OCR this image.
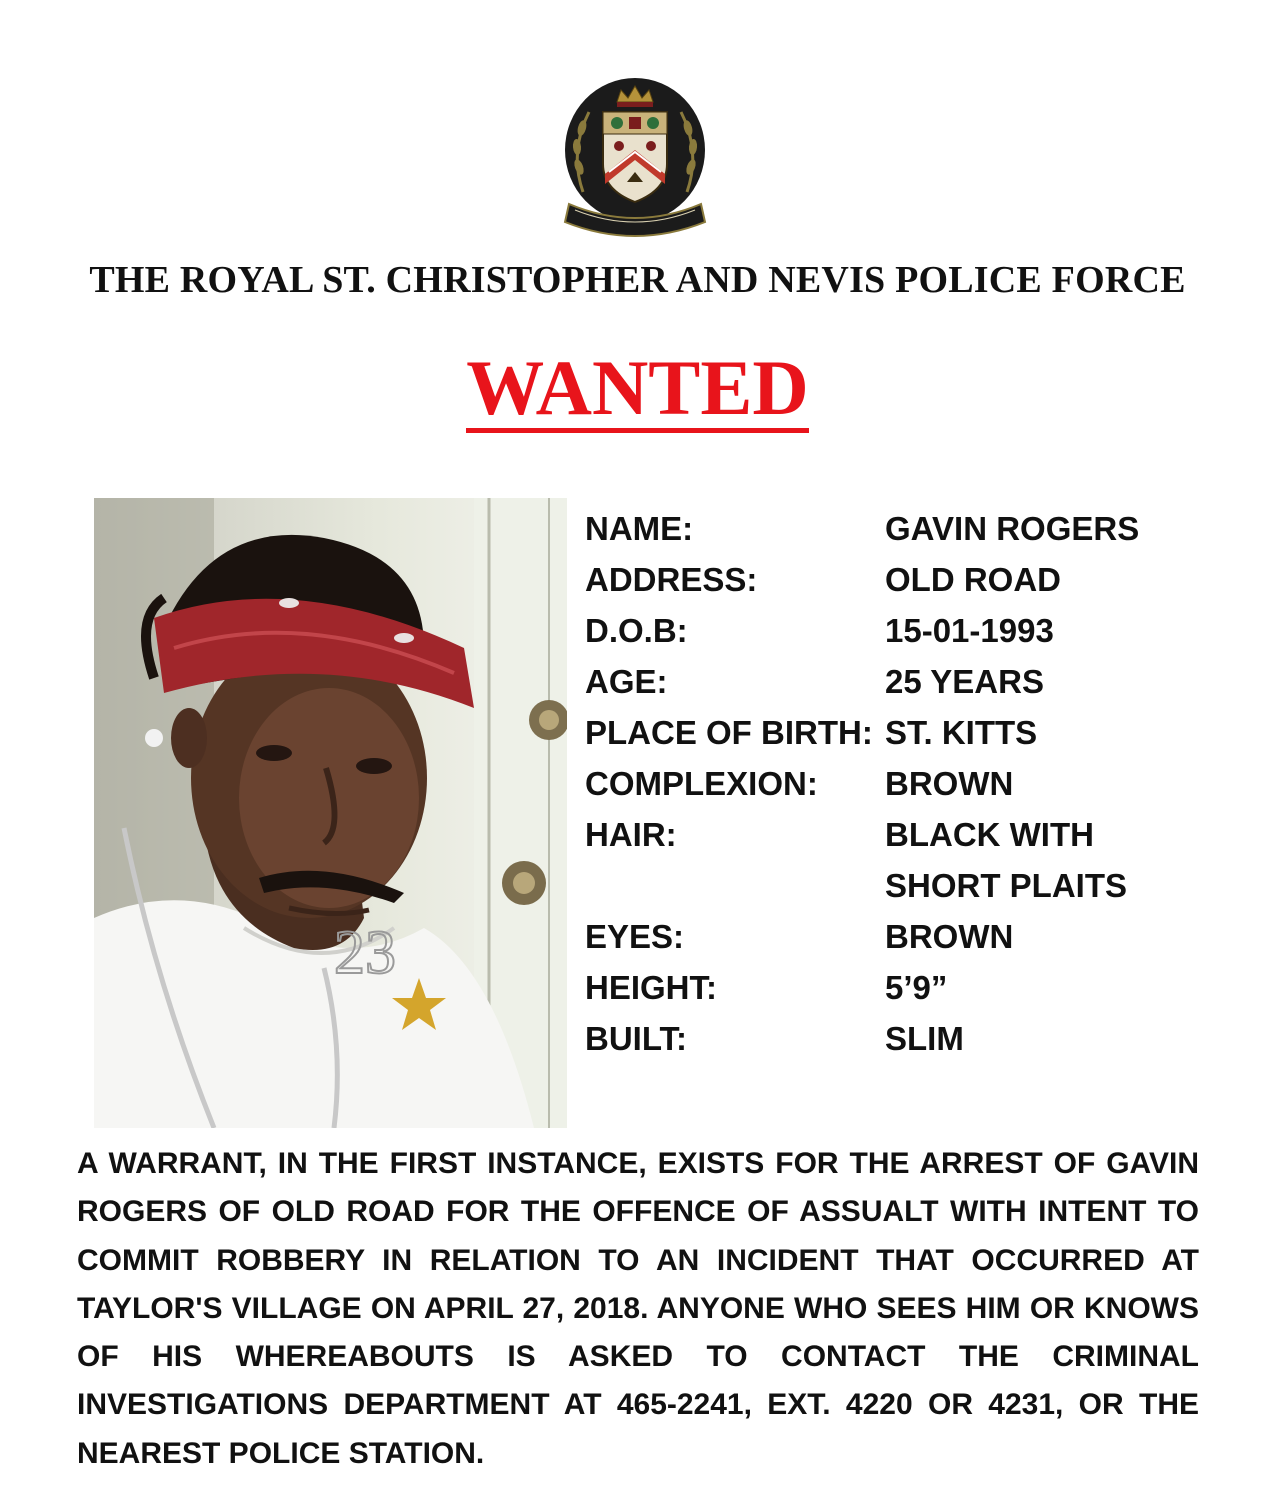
THE ROYAL ST. CHRISTOPHER AND NEVIS POLICE FORCE
WANTED
23
NAME:	GAVIN ROGERS
ADDRESS:	OLD ROAD
D.O.B:	15-01-1993
AGE:	25 YEARS
PLACE OF BIRTH: ST. KITTS
COMPLEXION:	BROWN
HAIR:	BLACK WITH
SHORT PLAITS
EYES:	BROWN
HEIGHT:	5’9”
BUILT:	SLIM
A WARRANT, IN THE FIRST INSTANCE, EXISTS FOR THE ARREST OF GAVIN ROGERS OF OLD ROAD FOR THE OFFENCE OF ASSUALT WITH INTENT TO COMMIT ROBBERY IN RELATION TO AN INCIDENT THAT OCCURRED AT TAYLOR'S VILLAGE ON APRIL 27, 2018. ANYONE WHO SEES HIM OR KNOWS OF HIS WHEREABOUTS IS ASKED TO CONTACT THE CRIMINAL INVESTIGATIONS DEPARTMENT AT 465-2241, EXT. 4220 OR 4231, OR THE NEAREST POLICE STATION.
